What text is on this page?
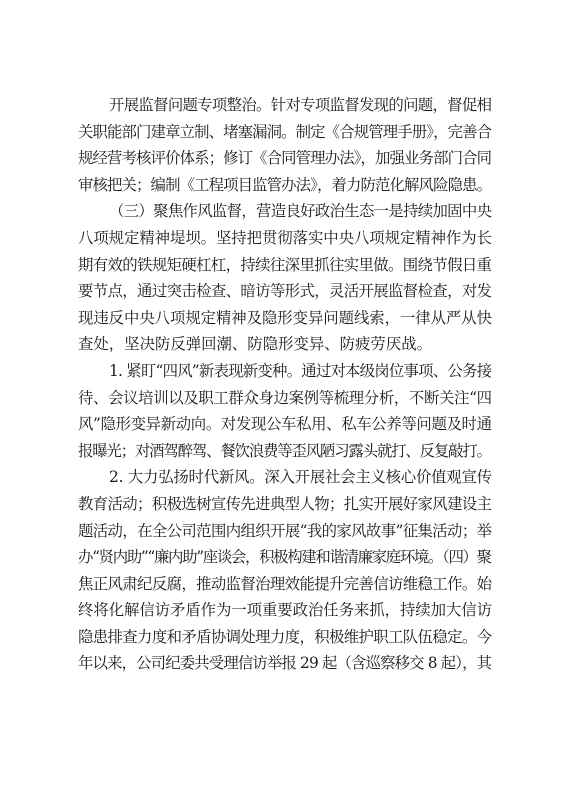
开展监督问题专项整治。针对专项监督发现的问题，督促相
关职能部门建章立制、堵塞漏洞。制定《合规管理手册》，完善合
规经营考核评价体系；修订《合同管理办法》，加强业务部门合同
审核把关；编制《工程项目监管办法》，着力防范化解风险隐患。
（三）聚焦作风监督，营造良好政治生态一是持续加固中央
八项规定精神堤坝。坚持把贯彻落实中央八项规定精神作为长
期有效的铁规矩硬杠杠，持续往深里抓往实里做。围绕节假日重
要节点，通过突击检查、暗访等形式，灵活开展监督检查，对发
现违反中央八项规定精神及隐形变异问题线索，一律从严从快
查处，坚决防反弹回潮、防隐形变异、防疲劳厌战。
1. 紧盯“四风”新表现新变种。通过对本级岗位事项、公务接
待、会议培训以及职工群众身边案例等梳理分析，不断关注“四
风”隐形变异新动向。对发现公车私用、私车公养等问题及时通
报曝光；对酒驾醉驾、餐饮浪费等歪风陋习露头就打、反复敲打。
2. 大力弘扬时代新风。深入开展社会主义核心价值观宣传
教育活动；积极选树宣传先进典型人物；扎实开展好家风建设主
题活动，在全公司范围内组织开展“我的家风故事”征集活动；举
办“贤内助”“廉内助”座谈会，积极构建和谐清廉家庭环境。（四）聚
焦正风肃纪反腐，推动监督治理效能提升完善信访维稳工作。始
终将化解信访矛盾作为一项重要政治任务来抓，持续加大信访
隐患排查力度和矛盾协调处理力度，积极维护职工队伍稳定。今
年以来，公司纪委共受理信访举报 29 起（含巡察移交 8 起），其
